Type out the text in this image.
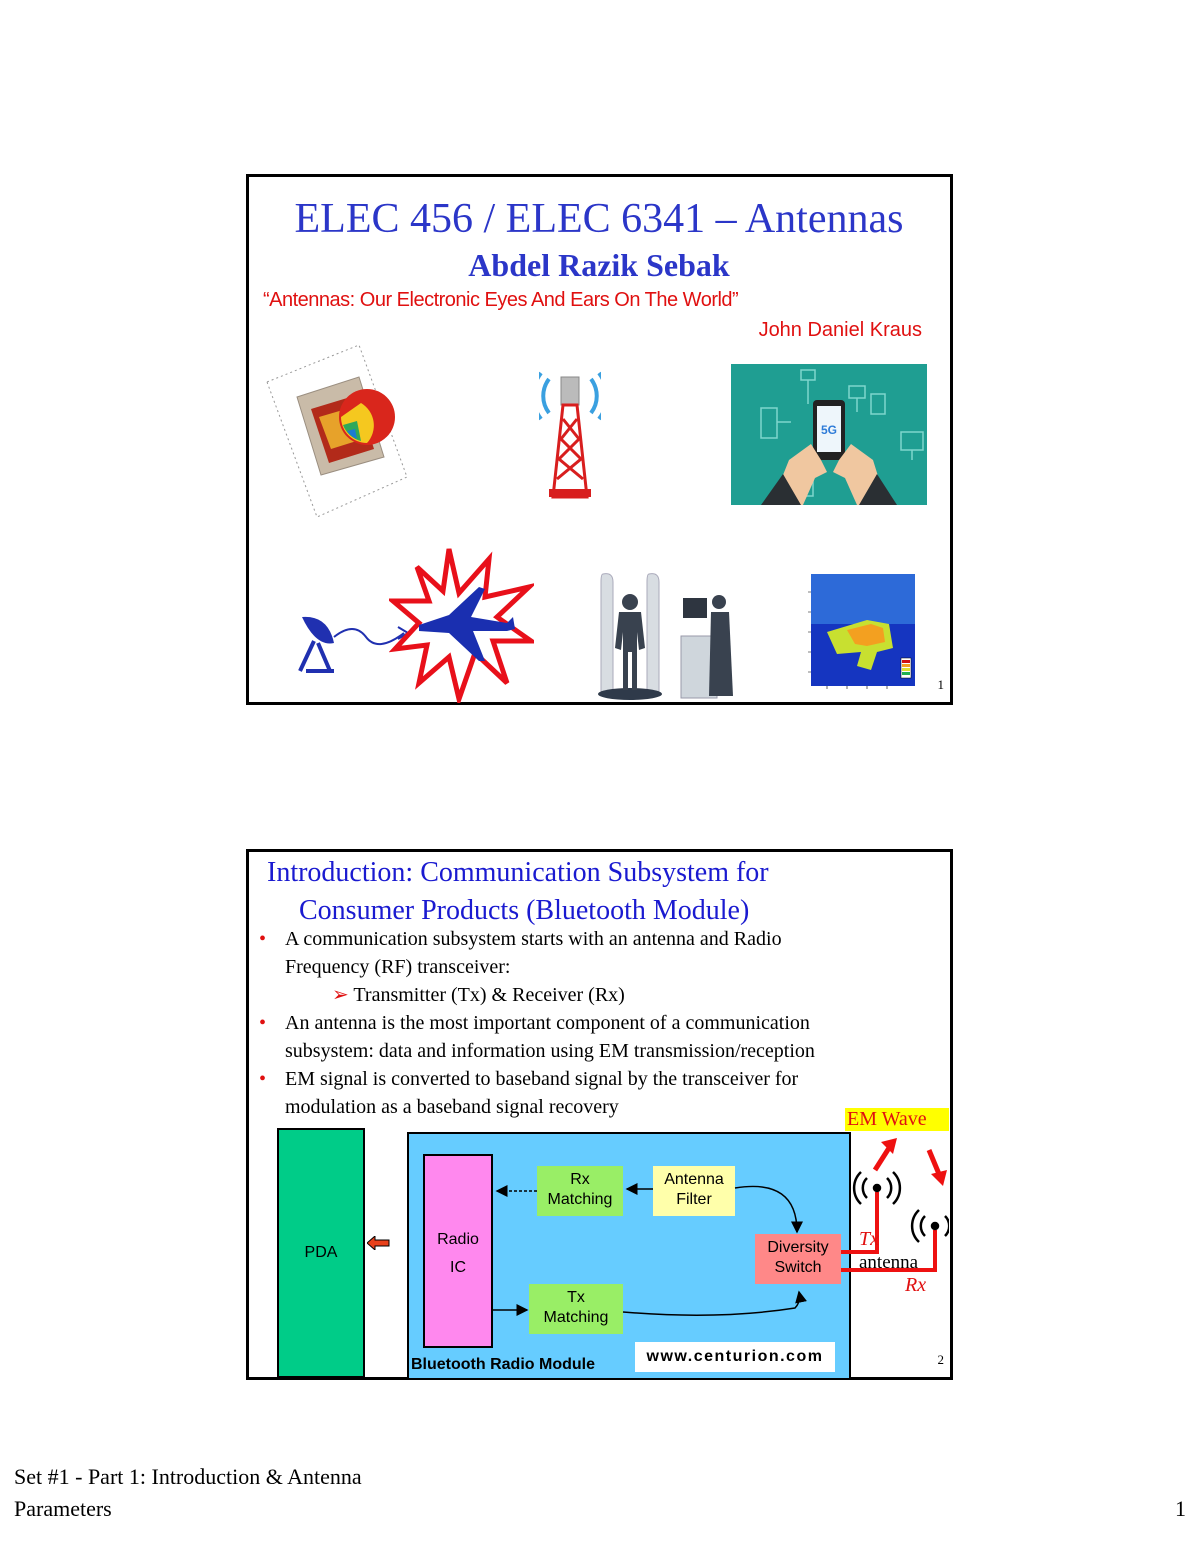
ELEC 456 / ELEC 6341 – Antennas
Abdel Razik Sebak
“Antennas: Our Electronic Eyes And Ears On The World”
John Daniel Kraus
5G
1
Introduction: Communication Subsystem for
Consumer Products (Bluetooth Module)
• A communication subsystem starts with an antenna and Radio
Frequency (RF) transceiver:
➢ Transmitter (Tx) & Receiver (Rx)
• An antenna is the most important component of a communication
subsystem: data and information using EM transmission/reception
• EM signal is converted to baseband signal by the transceiver for
modulation as a baseband signal recovery
PDA
Bluetooth Radio Module	www.centurion.com
Radio
IC
Rx
Matching
Antenna
Filter
Diversity
Switch
Tx
Matching
EM Wave
Tx
antenna
Rx
2
Set #1 - Part 1: Introduction & Antenna
Parameters	1
